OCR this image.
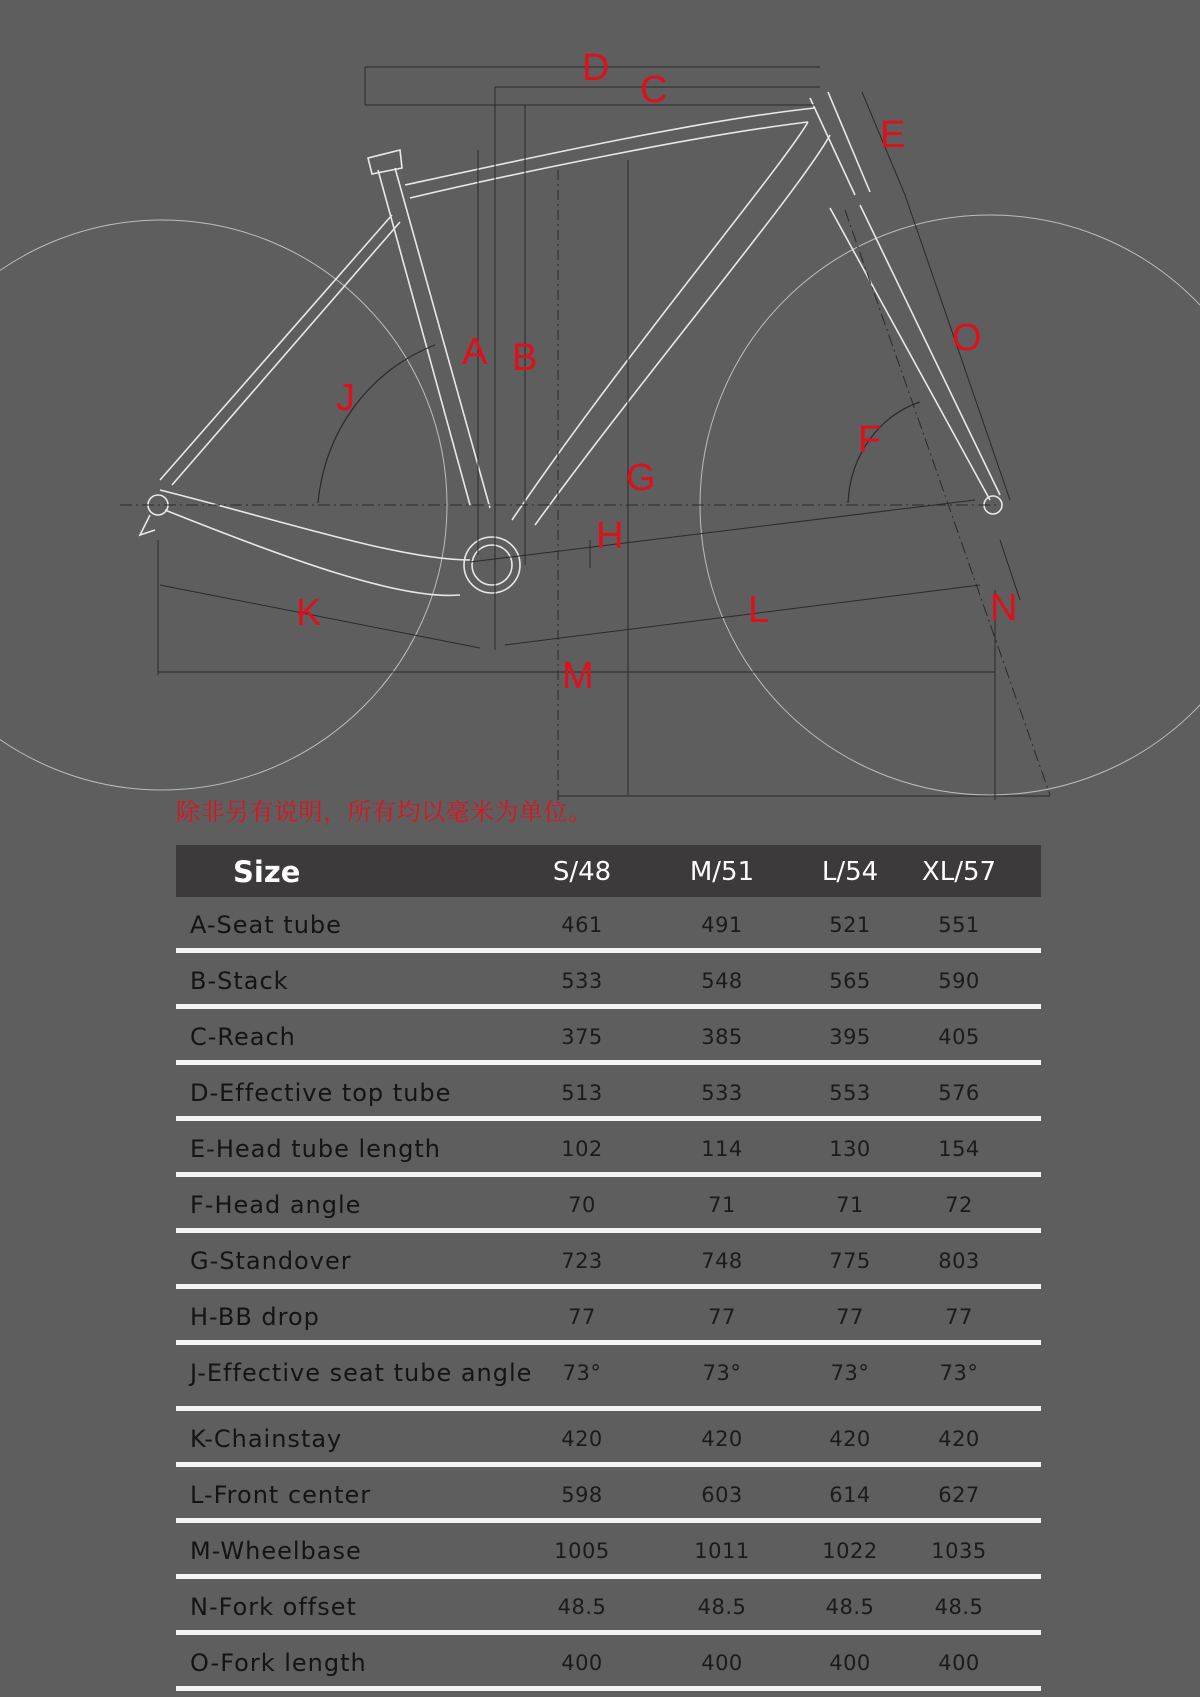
D
C
E
A B	O
J
F
G
H
K	L	N
M
除非另有说明，所有均以毫米为单位。
Size	S/48	M/51	L/54 XL/57
A-Seat tube	461	491	521	551
B-Stack	533	548	565	590
C-Reach	375	385	395	405
D-Effective top tube	513	533	553	576
E-Head tube length	102	114	130	154
F-Head angle	70	71	71	72
G-Standover	723	748	775	803
H-BB drop	77	77	77	77
J-Effective seat tube angle 73°	73°	73°	73°
K-Chainstay	420	420	420	420
L-Front center	598	603	614	627
M-Wheelbase	1005	1011	1022	1035
N-Fork offset	48.5	48.5	48.5	48.5
O-Fork length	400	400	400	400
